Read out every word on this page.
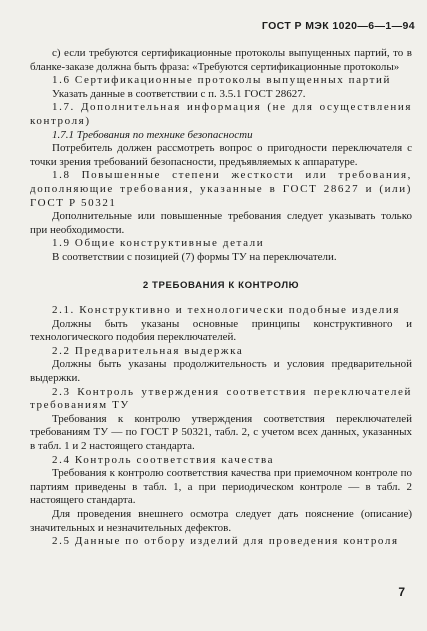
ГОСТ Р МЭК 1020—6—1—94

с) если требуются сертификационные протоколы выпущенных партий, то в бланке-заказе должна быть фраза: «Требуются сертификационные протоколы»

1.6 Сертификационные протоколы выпущенных партий

Указать данные в соответствии с п. 3.5.1 ГОСТ 28627.

1.7. Дополнительная информация (не для осуществления контроля)

1.7.1 Требования по технике безопасности

Потребитель должен рассмотреть вопрос о пригодности переключателя с точки зрения требований безопасности, предъявляемых к аппаратуре.

1.8 Повышенные степени жесткости или требования, дополняющие требования, указанные в ГОСТ 28627 и (или) ГОСТ Р 50321

Дополнительные или повышенные требования следует указывать только при необходимости.

1.9 Общие конструктивные детали

В соответствии с позицией (7) формы ТУ на переключатели.

2 ТРЕБОВАНИЯ К КОНТРОЛЮ

2.1. Конструктивно и технологически подобные изделия

Должны быть указаны основные принципы конструктивного и технологического подобия переключателей.

2.2 Предварительная выдержка

Должны быть указаны продолжительность и условия предварительной выдержки.

2.3 Контроль утверждения соответствия переключателей требованиям ТУ

Требования к контролю утверждения соответствия переключателей требованиям ТУ — по ГОСТ Р 50321, табл. 2, с учетом всех данных, указанных в табл. 1 и 2 настоящего стандарта.

2.4 Контроль соответствия качества

Требования к контролю соответствия качества при приемочном контроле по партиям приведены в табл. 1, а при периодическом контроле — в табл. 2 настоящего стандарта.

Для проведения внешнего осмотра следует дать пояснение (описание) значительных и незначительных дефектов.

2.5 Данные по отбору изделий для проведения контроля

7
